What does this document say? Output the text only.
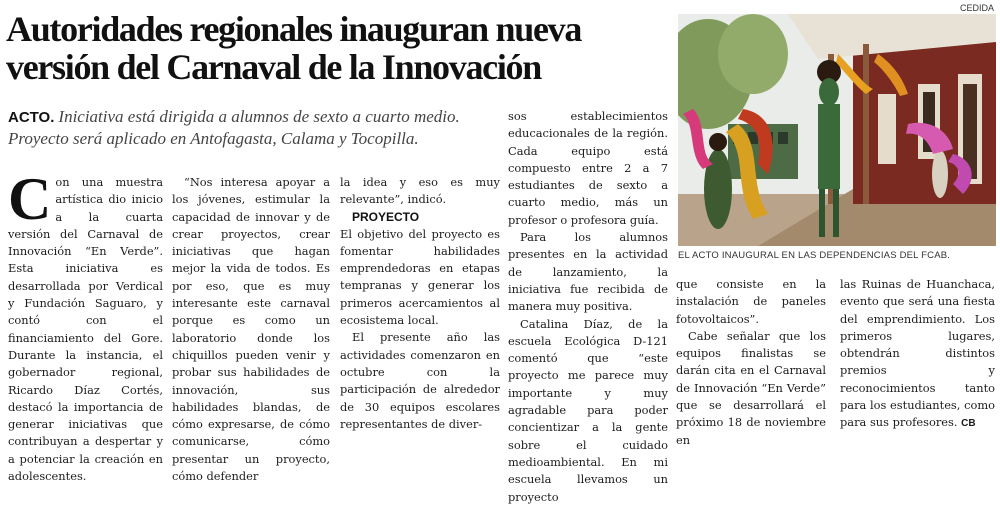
CEDIDA
Autoridades regionales inauguran nueva versión del Carnaval de la Innovación

ACTO. Iniciativa está dirigida a alumnos de sexto a cuarto medio. Proyecto será aplicado en Antofagasta, Calama y Tocopilla.

Con una muestra artística dio inicio a la cuarta versión del Carnaval de Innovación “En Verde”. Esta iniciativa es desarrollada por Verdical y Fundación Saguaro, y contó con el financiamiento del Gore. Durante la instancia, el gobernador regional, Ricardo Díaz Cortés, destacó la importancia de generar iniciativas que contribuyan a despertar y a potenciar la creación en adolescentes.

“Nos interesa apoyar a los jóvenes, estimular la capacidad de innovar y de crear proyectos, crear iniciativas que hagan mejor la vida de todos. Es por eso, que es muy interesante este carnaval porque es como un laboratorio donde los chiquillos pueden venir y probar sus habilidades de innovación, sus habilidades blandas, de cómo expresarse, de cómo comunicarse, cómo presentar un proyecto, cómo defender

la idea y eso es muy relevante”, indicó.

PROYECTO

El objetivo del proyecto es fomentar habilidades emprendedoras en etapas tempranas y generar los primeros acercamientos al ecosistema local.

El presente año las actividades comenzaron en octubre con la participación de alrededor de 30 equipos escolares representantes de diver-

sos establecimientos educacionales de la región. Cada equipo está compuesto entre 2 a 7 estudiantes de sexto a cuarto medio, más un profesor o profesora guía.

Para los alumnos presentes en la actividad de lanzamiento, la iniciativa fue recibida de manera muy positiva.

Catalina Díaz, de la escuela Ecológica D-121 comentó que “este proyecto me parece muy importante y muy agradable para poder concientizar a la gente sobre el cuidado medioambiental. En mi escuela llevamos un proyecto

EL ACTO INAUGURAL EN LAS DEPENDENCIAS DEL FCAB.

que consiste en la instalación de paneles fotovoltaicos”.

Cabe señalar que los equipos finalistas se darán cita en el Carnaval de Innovación “En Verde” que se desarrollará el próximo 18 de noviembre en

las Ruinas de Huanchaca, evento que será una fiesta del emprendimiento. Los primeros lugares, obtendrán distintos premios y reconocimientos tanto para los estudiantes, como para sus profesores. CB
